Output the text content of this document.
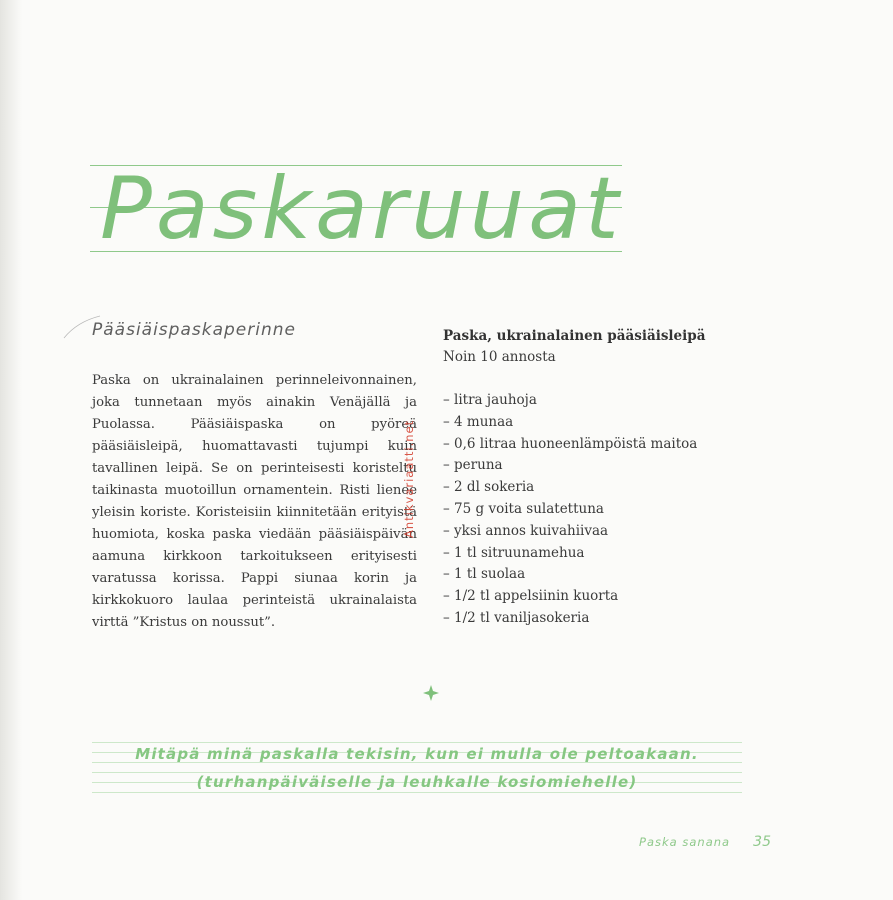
Paskaruuat
Pääsiäispaskaperinne

Paska on ukrainalainen perinneleivonnainen, joka tunnetaan myös ainakin Venäjällä ja Puolassa. Pääsiäispaska on pyöreä pääsiäisleipä, huomattavasti tujumpi kuin tavallinen leipä. Se on perinteisesti koristeltu taikinasta muotoillun ornamentein. Risti lienee yleisin koriste. Koristeisiin kiinnitetään erityistä huomiota, koska paska viedään pääsiäispäivän aamuna kirkkoon tarkoitukseen erityisesti varatussa korissa. Pappi siunaa korin ja kirkkokuoro laulaa perinteistä ukrainalaista virttä ”Kristus on noussut”.

Antikvariaatti.net

Paska, ukrainalainen pääsiäisleipä

Noin 10 annosta

– litra jauhoja
– 4 munaa
– 0,6 litraa huoneenlämpöistä maitoa
– peruna
– 2 dl sokeria
– 75 g voita sulatettuna
– yksi annos kuivahiivaa
– 1 tl sitruunamehua
– 1 tl suolaa
– 1/2 tl appelsiinin kuorta
– 1/2 tl vaniljasokeria
Mitäpä minä paskalla tekisin, kun ei mulla ole peltoakaan.
(turhanpäiväiselle ja leuhkalle kosiomiehelle)
Paska sanana 35
